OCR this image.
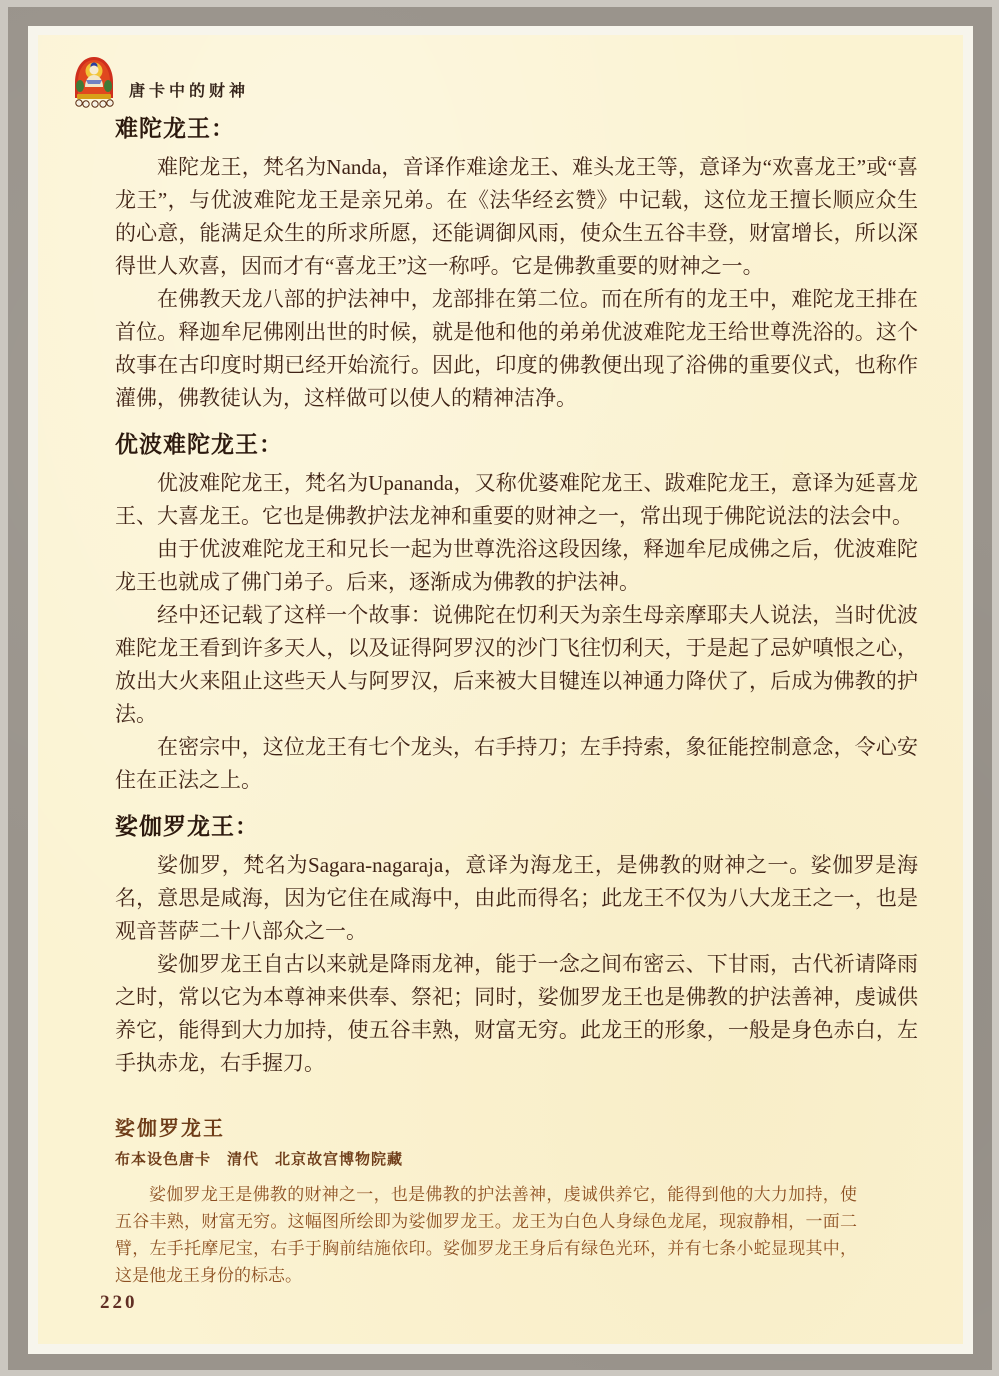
唐卡中的财神
难陀龙王：

难陀龙王，梵名为Nanda，音译作难途龙王、难头龙王等，意译为“欢喜龙王”或“喜龙王”，与优波难陀龙王是亲兄弟。在《法华经玄赞》中记载，这位龙王擅长顺应众生的心意，能满足众生的所求所愿，还能调御风雨，使众生五谷丰登，财富增长，所以深得世人欢喜，因而才有“喜龙王”这一称呼。它是佛教重要的财神之一。

在佛教天龙八部的护法神中，龙部排在第二位。而在所有的龙王中，难陀龙王排在首位。释迦牟尼佛刚出世的时候，就是他和他的弟弟优波难陀龙王给世尊洗浴的。这个故事在古印度时期已经开始流行。因此，印度的佛教便出现了浴佛的重要仪式，也称作灌佛，佛教徒认为，这样做可以使人的精神洁净。

优波难陀龙王：

优波难陀龙王，梵名为Upananda，又称优婆难陀龙王、跋难陀龙王，意译为延喜龙王、大喜龙王。它也是佛教护法龙神和重要的财神之一，常出现于佛陀说法的法会中。

由于优波难陀龙王和兄长一起为世尊洗浴这段因缘，释迦牟尼成佛之后，优波难陀龙王也就成了佛门弟子。后来，逐渐成为佛教的护法神。

经中还记载了这样一个故事：说佛陀在忉利天为亲生母亲摩耶夫人说法，当时优波难陀龙王看到许多天人，以及证得阿罗汉的沙门飞往忉利天，于是起了忌妒嗔恨之心，放出大火来阻止这些天人与阿罗汉，后来被大目犍连以神通力降伏了，后成为佛教的护法。

在密宗中，这位龙王有七个龙头，右手持刀；左手持索，象征能控制意念，令心安住在正法之上。

娑伽罗龙王：

娑伽罗，梵名为Sagara-nagaraja，意译为海龙王，是佛教的财神之一。娑伽罗是海名，意思是咸海，因为它住在咸海中，由此而得名；此龙王不仅为八大龙王之一，也是观音菩萨二十八部众之一。

娑伽罗龙王自古以来就是降雨龙神，能于一念之间布密云、下甘雨，古代祈请降雨之时，常以它为本尊神来供奉、祭祀；同时，娑伽罗龙王也是佛教的护法善神，虔诚供养它，能得到大力加持，使五谷丰熟，财富无穷。此龙王的形象，一般是身色赤白，左手执赤龙，右手握刀。

娑伽罗龙王
布本设色唐卡　清代　北京故宫博物院藏

娑伽罗龙王是佛教的财神之一，也是佛教的护法善神，虔诚供养它，能得到他的大力加持，使五谷丰熟，财富无穷。这幅图所绘即为娑伽罗龙王。龙王为白色人身绿色龙尾，现寂静相，一面二臂，左手托摩尼宝，右手于胸前结施依印。娑伽罗龙王身后有绿色光环，并有七条小蛇显现其中，这是他龙王身份的标志。

220
